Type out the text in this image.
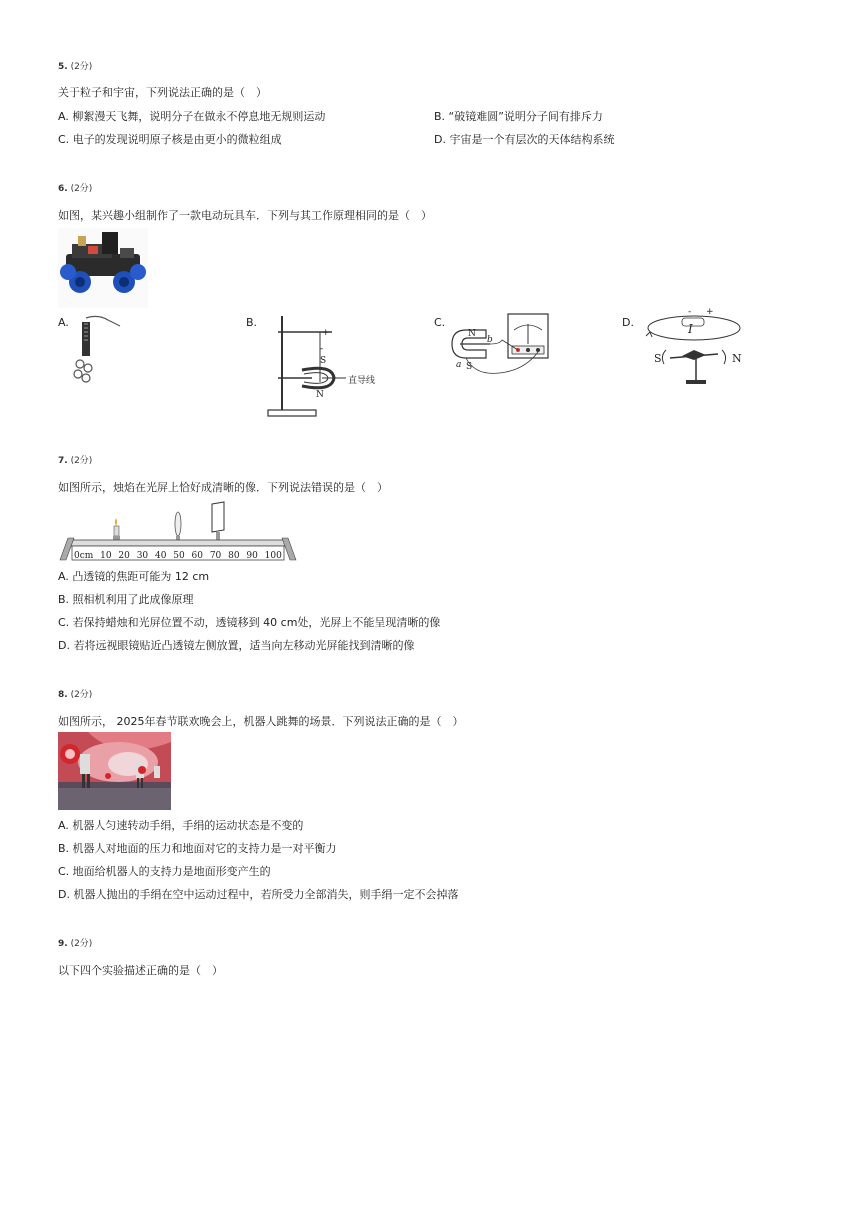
5. (2分)
关于粒子和宇宙，下列说法正确的是（　）
A. 柳絮漫天飞舞，说明分子在做永不停息地无规则运动	B. “破镜难圆”说明分子间有排斥力
C. 电子的发现说明原子核是由更小的微粒组成	D. 宇宙是一个有层次的天体结构系统
6. (2分)
如图，某兴趣小组制作了一款电动玩具车．下列与其工作原理相同的是（　）
A.	B.
+
-
S
N
直导线
C.
N
S
b
a
D.	I
S	N
- +
7. (2分)
如图所示，烛焰在光屏上恰好成清晰的像．下列说法错误的是（　）
0cm 10 20 30 40 50 60 70 80 90 100
A. 凸透镜的焦距可能为 12 cm
B. 照相机利用了此成像原理
C. 若保持蜡烛和光屏位置不动，透镜移到 40 cm处，光屏上不能呈现清晰的像
D. 若将远视眼镜贴近凸透镜左侧放置，适当向左移动光屏能找到清晰的像
8. (2分)
如图所示， 2025年春节联欢晚会上，机器人跳舞的场景．下列说法正确的是（　）
A. 机器人匀速转动手绢，手绢的运动状态是不变的
B. 机器人对地面的压力和地面对它的支持力是一对平衡力
C. 地面给机器人的支持力是地面形变产生的
D. 机器人抛出的手绢在空中运动过程中，若所受力全部消失，则手绢一定不会掉落
9. (2分)
以下四个实验描述正确的是（　）
